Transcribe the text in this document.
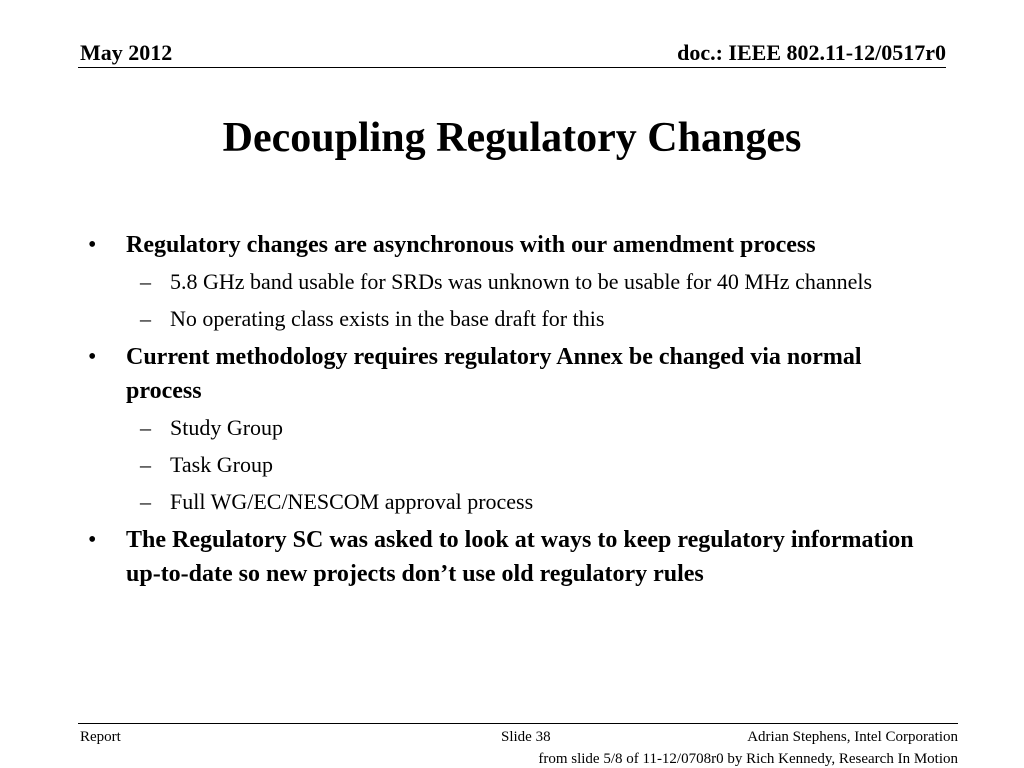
May 2012	doc.: IEEE 802.11-12/0517r0
Decoupling Regulatory Changes
• Regulatory changes are asynchronous with our amendment process
– 5.8 GHz band usable for SRDs was unknown to be usable for 40 MHz channels
– No operating class exists in the base draft for this
• Current methodology requires regulatory Annex be changed via normal process
– Study Group
– Task Group
– Full WG/EC/NESCOM approval process
• The Regulatory SC was asked to look at ways to keep regulatory information up-to-date so new projects don’t use old regulatory rules
Report	Slide 38	Adrian Stephens, Intel Corporation
from slide 5/8 of 11-12/0708r0 by Rich Kennedy, Research In Motion
